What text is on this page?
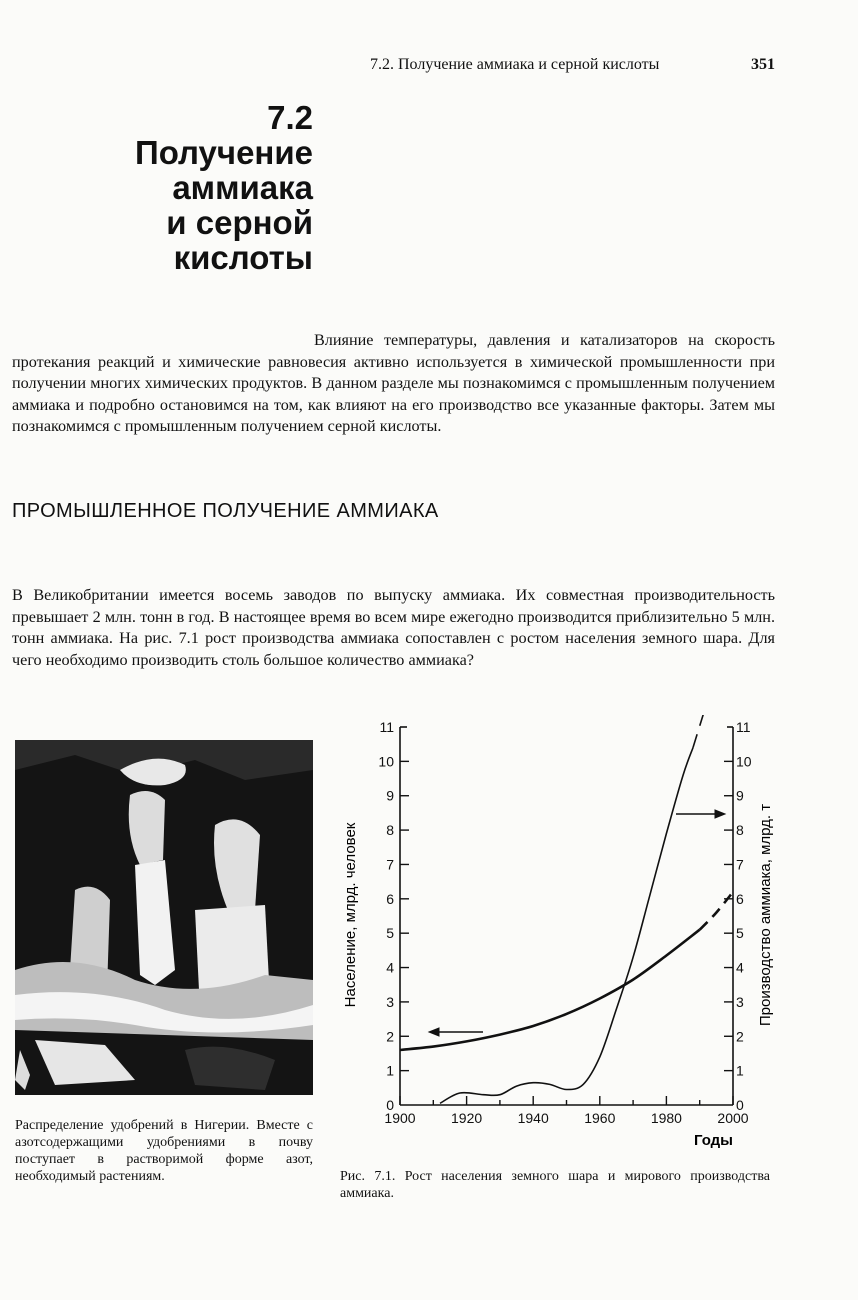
7.2. Получение аммиака и серной кислоты	351
7.2
Получение
аммиака
и серной
кислоты

Влияние температуры, давления и катализаторов на скорость протекания реакций и химические равновесия активно используется в химической промышленности при получении многих химических продуктов. В данном разделе мы познакомимся с промышленным получением аммиака и подробно остановимся на том, как влияют на его производство все указанные факторы. Затем мы познакомимся с промышленным получением серной кислоты.

ПРОМЫШЛЕННОЕ ПОЛУЧЕНИЕ АММИАКА

В Великобритании имеется восемь заводов по выпуску аммиака. Их совместная производительность превышает 2 млн. тонн в год. В настоящее время во всем мире ежегодно производится приблизительно 5 млн. тонн аммиака. На рис. 7.1 рост производства аммиака сопоставлен с ростом населения земного шара. Для чего необходимо производить столь большое количество аммиака?

Распределение удобрений в Нигерии. Вместе с азотсодержащими удобрениями в почву поступает в растворимой форме азот, необходимый растениям.

0	0
1	1
2	2
3	3
4	4
5	5
6	6
7	7
8	8
9	9
10	10
11	11
1900	1920	1940	1960	1980	2000
Население, млрд. человек	Производство аммиака, млрд. т
Годы

Рис. 7.1. Рост населения земного шара и мирового производства аммиака.
